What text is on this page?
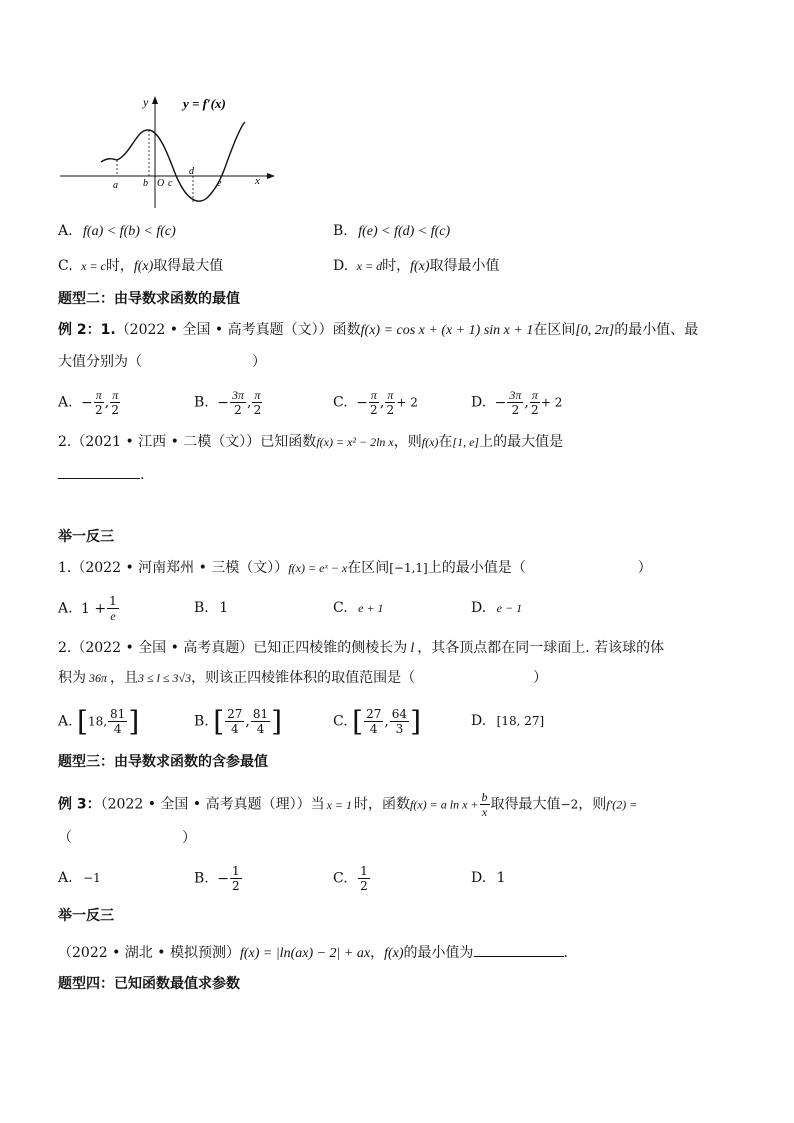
y = f′(x)
y
x
a	b O c
d
e
A. f(a) < f(b) < f(c)	B. f(e) < f(d) < f(c)
C. x = c时，f(x)取得最大值	D. x = d时，f(x)取得最小值
题型二：由导数求函数的最值
例 2：1.（2022 • 全国 • 高考真题（文））函数f(x) = cos x + (x + 1) sin x + 1在区间[0, 2π]的最小值、最
大值分别为（	）
A. − $\frac{\pi}{2}$ , $\frac{\pi}{2}$	B. − $\frac{3\pi}{2}$ , $\frac{\pi}{2}$	C. − $\frac{\pi}{2}$ , $\frac{\pi}{2} + 2$	D. − $\frac{3\pi}{2}$ , $\frac{\pi}{2} + 2$
2.（2021 • 江西 • 二模（文））已知函数f(x) = x² − 2ln x，则f(x)在[1, e]上的最大值是
.
举一反三
1.（2022 • 河南郑州 • 三模（文））f(x) = eˣ − x在区间[−1,1]上的最小值是（	）
A. $1 + \frac{1}{e}$	B. 1	C. e + 1	D. e − 1
2.（2022 • 全国 • 高考真题）已知正四棱锥的侧棱长为 l ，其各顶点都在同一球面上. 若该球的体
积为 36π ，且3 ≤ l ≤ 3√3，则该正四棱锥体积的取值范围是（	）
A. [18, $\frac{81}{4}$ ]	B. [ $\frac{27}{4}$ , $\frac{81}{4}$ ]	C. [ $\frac{27}{4}$ , $\frac{64}{3}$ ]	D. [18, 27]
题型三：由导数求函数的含参最值
例 3：（2022 • 全国 • 高考真题（理））当 x = 1 时，函数f(x) = a $\ln x + \frac{b}{x}$ 取得最大值−2，则f′(2) =
（	）
A. −1	B. − $\frac{1}{2}$	C. $\frac{1}{2}$	D. 1
举一反三
（2022 • 湖北 • 模拟预测）f(x) = |ln(ax) − 2| + ax，f(x)的最小值为	.
题型四：已知函数最值求参数
